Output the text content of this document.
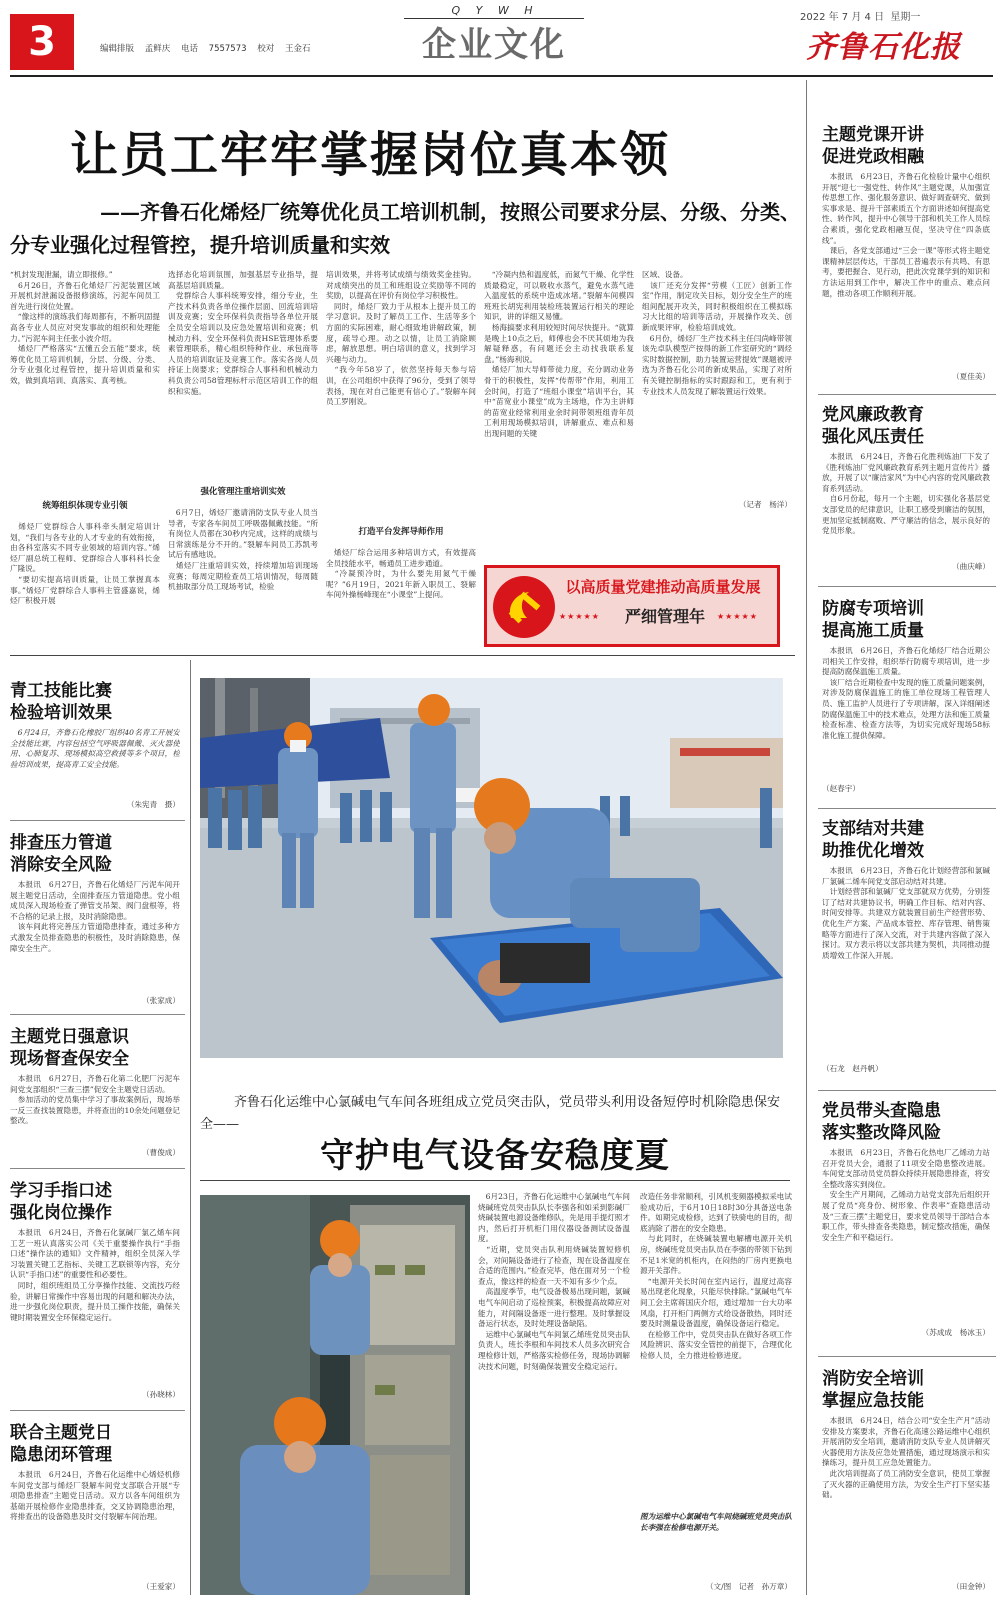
3	编辑排版 孟鲜庆 电话 7557573 校对 王金石
Q Y W H
企业文化
2022 年 7 月 4 日  星期一
齐鲁石化报
让员工牢牢掌握岗位真本领
——齐鲁石化烯烃厂统筹优化员工培训机制，按照公司要求分层、分级、分类、分专业强化过程管控，提升培训质量和实效
“机封发现泄漏，请立即报修。”
　6月26日，齐鲁石化烯烃厂污泥装置区域开展机封泄漏设备报修演练，污泥车间员工首先进行岗位处置。
　“像这样的演练我们每周都有，不断巩固提高各专业人员应对突发事故的组织和处理能力。”污泥车间主任张小波介绍。
　烯烃厂严格落实“五懂五会五能”要求，统筹优化员工培训机制，分层、分级、分类、分专业强化过程管控，提升培训质量和实效，做到真培训、真落实、真考核。
统筹组织体现专业引领
　烯烃厂党群综合人事科牵头制定培训计划，“我们与各专业的人才专业的有效衔接，由各科室落实不同专业领域的培训内容。”烯烃厂副总统工程师、党群综合人事科科长金广隆说。
　“要切实提高培训质量，让员工掌握真本事。”烯烃厂党群综合人事科主管盛嘉说，烯烃厂积极开展
选择态化培训氛围，加强基层专业指导，提高基层培训质量。
　党群综合人事科统筹安排，细分专业，生产技术科负责各单位操作层面、回流培训培训及竞赛；安全环保科负责指导各单位开展全员安全培训以及应急处置培训和竞赛；机械动力科、安全环保科负责HSE管理体系要素管理联系，精心组织特种作业、承包商等人员的培训取证及竞赛工作。落实各岗人员持证上岗要求；党群综合人事科和机械动力科负责公司58管理标杆示范区培训工作的组织和实施。
强化管理注重培训实效
　6月7日，烯烃厂邀请消防支队专业人员当导者，专家各车间员工呼吸器佩戴技能。“所有岗位人员都在30秒内完成，这样的成绩与日常演练是分不开的。”裂解车间员工苏凯考试后有感地说。
　烯烃厂注重培训实效，持续增加培训现场竞赛；每周定期检查员工培训情况，每周随机抽取部分员工现场考试，检验
培训效果，并将考试成绩与绩效奖金挂钩。对成绩突出的员工和班组设立奖励等不同的奖励，以提高在评价有岗位学习积极性。
　同时，烯烃厂致力于从根本上提升员工的学习意识。及时了解员工工作、生活等多个方面的实际困难，耐心细致地讲解政策，制度，疏导心理。动之以情，让员工消除顾虑，解放思想。明白培训的意义，找到学习兴趣与动力。
　“我今年58岁了，依然坚持每天参与培训，在公司组织中获得了96分，受到了领导表扬，现在对自己能更有信心了。”裂解车间员工罗刚说。
打造平台发挥导师作用
　烯烃厂综合运用多种培训方式，有效提高全员技能水平，畅通员工进步通道。
　“冷凝预冷时，为什么要先用氮气干燥呢？”6月19日，2021年新入职员工、裂解车间外操杨峰现在“小课堂”上提问。
　“冷凝内热和温度低，而氮气干燥、化学性质最稳定，可以吸收水蒸气，避免水蒸气进入温度低的系统中造成冰堵。”裂解车间模四班班长胡宪利用装检班装置运行相关的理论知识，讲的详细又易懂。
　杨海搞要求利用较短时间尽快提升。“就算是晚上10点之后，师傅也会不厌其烦地为我解疑释惑，有问题还会主动找我联系复盘。”杨海利说。
　烯烃厂加大导师带徒力度，充分调动业务骨干的积极性，发挥“传帮带”作用，利用工会时间，打造了“班组小课堂”培训平台，其中“苗宽业小课堂”成为主场地，作为主讲师的苗宽业经常利用业余时间带领班组青年员工利用现场模拟培训，讲解重点、难点和易出现问题的关键
区域、设备。
　该厂还充分发挥“劳模（工匠）创新工作室”作用，制定攻关目标，划分安全生产的班组间配展开攻关，同时积极组织在工模拟练习大比组的培训等活动，开展操作攻关、创新成果评审，检验培训成效。
　6月份，烯烃厂生产技术科主任闫尚峰带领该先卓队模型产按得的新工作室研究的“调烃实时数据控制，助力装置运营提效”课题被评选为齐鲁石化公司的新成果品，实现了对所有关键控制指标的实时跟踪和工，更有利于专业技术人员发现了解装置运行效果。
（记者　杨洋）
以高质量党建推动高质量发展
★★★★★	严细管理年	★★★★★
主题党课开讲
促进党政相融
　本报讯　6月23日，齐鲁石化检验计量中心组织开展“迎七一强党性、转作风”主题党课，从加强宣传思想工作、强化服务意识、做好调查研究、做到实事求是、提升干部素质五个方面讲述如何提高党性、转作风，提升中心领导干部和机关工作人员综合素质，强化党政相融互促，坚决守住“四条底线”。
　课后，各党支部通过“三会一课”等形式将主题党课精神层层传达，干部员工普遍表示有共鸣、有思考，要把握合、见行动，把此次党课学到的知识和方法运用到工作中，解决工作中的重点、难点问题，推动各项工作顺利开展。
（夏佳美）
党风廉政教育
强化风压责任
　本报讯　6月24日，齐鲁石化胜利炼油厂下发了《胜利炼油厂党风廉政教育系列主题月宣传片》播放，开展了以“廉洁家风”为中心内容的党风廉政教育系列活动。
　自6月份起，每月一个主题，切实强化各基层党支部党员的纪律意识，让职工感受到廉洁的氛围，更加坚定抵制腐败、严守廉洁的信念，展示良好的党员形象。
（曲庆峰）
防腐专项培训
提高施工质量
　本报讯　6月26日，齐鲁石化烯烃厂结合近期公司相关工作安排，组织举行防腐专项培训，进一步提高防腐保温施工质量。
　该厂结合近期检查中发现的施工质量问题案例，对涉及防腐保温施工的施工单位现场工程管理人员、施工监护人员进行了专项讲解，深入详细阐述防腐保温施工中的技术难点，处理方法和施工质量检查标准、检查方法等，为切实完成好现场58标准化施工提供保障。
（赵春宇）
支部结对共建
助推优化增效
　本报讯　6月23日，齐鲁石化计划经营部和氯碱厂氯碱二烯车间党支部启动结对共建。
　计划经营部和氯碱厂党支部就双方优势，分别签订了结对共建协议书，明确工作目标、结对内容、时间安排等。共建双方就装置目前生产经营形势、优化生产方案、产品成本管控、库存管理、销售策略等方面进行了深入交流，对于共建内容做了深入探讨。双方表示将以支部共建为契机，共同推动提质增效工作深入开展。
（石龙　赵丹帆）
党员带头查隐患
落实整改降风险
　本报讯　6月23日，齐鲁石化热电厂乙烯动力站召开党员大会，通报了11项安全隐患整改进展。车间党支部动员党员群众持续开展隐患排查，将安全整改落实到岗位。
　安全生产月期间，乙烯动力站党支部先后组织开展了党员“亮身份、树形象、作表率”查隐患活动及“三查三摆”主题党日，要求党员领导干部结合本职工作，带头排查各类隐患，制定整改措施，确保安全生产和平稳运行。
（苏成成　杨冰玉）
消防安全培训
掌握应急技能
　本报讯　6月24日，结合公司“安全生产月”活动安排及方案要求，齐鲁石化高速公路运维中心组织开展消防安全培训，邀请消防支队专业人员讲解灭火器使用方法及应急处置措施，通过现场演示和实操练习，提升员工应急处置能力。
　此次培训提高了员工消防安全意识，使员工掌握了灭火器的正确使用方法，为安全生产打下坚实基础。
（田金钟）
青工技能比赛
检验培训效果
　6月24日，齐鲁石化橡胶厂组织40名青工开展安全技能比赛，内容包括空气呼吸器佩戴、灭火器使用、心肺复苏、现场模拟高空救援等多个项目，检验培训成果，提高青工安全技能。
（朱宪青　摄）
排查压力管道
消除安全风险
　本报讯　6月27日，齐鲁石化烯烃厂污泥车间开展主题党日活动，全面排查压力管道隐患。党小组成员深入现场检查了弹管支吊架、阀门盘根等，将不合格的记录上报，及时消除隐患。
　该车间此将完善压力管道隐患排查，通过多种方式激发全员排查隐患的积极性，及时消除隐患，保障安全生产。
（张家成）
主题党日强意识
现场督查保安全
　本报讯　6月27日，齐鲁石化第二化肥厂污泥车间党支部组织“三查三摆”促安全主题党日活动。
　参加活动的党员集中学习了事故案例后，现场举一反三查找装置隐患，并将查出的10余处问题登记整改。
（曹俊成）
学习手指口述
强化岗位操作
　本报讯　6月24日，齐鲁石化氯碱厂氯乙烯车间工艺一班认真落实公司《关于重要操作执行“手指口述”操作法的通知》文件精神，组织全员深入学习装置关键工艺指标、关键工艺联锁等内容，充分认识“手指口述”的重要性和必要性。
　同时，组织班组员工分享操作技能、交流技巧经验，讲解日常操作中容易出现的问题和解决办法，进一步强化岗位职责，提升员工操作技能，确保关键时期装置安全环保稳定运行。
（孙晓林）
联合主题党日
隐患闭环管理
　本报讯　6月24日，齐鲁石化运维中心烯烃机修车间党支部与烯烃厂裂解车间党支部联合开展“专项隐患排查”主题党日活动。双方以各车间组织为基础开展检修作业隐患排查，交叉协调隐患治理，将排查出的设备隐患及时交付裂解车间治理。
（王爱家）
齐鲁石化运维中心氯碱电气车间各班组成立党员突击队，党员带头利用设备短停时机除隐患保安全——
守护电气设备安稳度夏
　6月23日，齐鲁石化运维中心氯碱电气车间烧碱班党员突击队队长李强各和如采到影碱厂烧碱装置电源设备维修队，先是用手提灯照才内，然后打开机柜门用仪器设备测试设备温度。
　“近期，党员突击队利用烧碱装置短修机会，对间隔设备进行了检查，现在设备温度在合适的范围内。”检查完毕，他在面对另一个检查点，像这样的检查一天不知有多少个点。
　高温度季节，电气设备极易出现问题，氯碱电气车间启动了巡检预案，积极提高故障应对能力，对间隔设备逐一进行整理。及时掌握设备运行状态，及时处理设备缺陷。
　运维中心氯碱电气车间氯乙烯班党员突击队负责人，班长李根和车间技术人员多次研究合理检修计划，严格落实检修任务，现场协调解决技术问题，时刻确保装置安全稳定运行。
改造任务非常顺利，引风机变频器模拟采电试验成功后，于6月10日18时30分具备送电条件。如期完成检修，达到了铁骑电的目的，彻底消除了潜在的安全隐患。
　与此同时，在烧碱装置电解槽电源开关机房，烧碱班党员突击队员在李强的带领下钻到不足1米宽的机柜内，在闷热的厂房内更换电源开关部件。
　“电源开关长时间在室内运行，温度过高容易出现老化现象，只能尽快排除。”氯碱电气车间工会主席蒋国庆介绍，通过增加一台大功率风扇，打开柜门两侧方式给设备散热，同时还要及时测量设备温度，确保设备运行稳定。
　在检修工作中，党员突击队在做好各项工作风险辨识、落实安全管控的前提下，合理优化检修人员，全力推进检修进度。
图为运维中心氯碱电气车间烧碱班党员突击队长李强在检修电源开关。
（文/图　记者　孙万章）
